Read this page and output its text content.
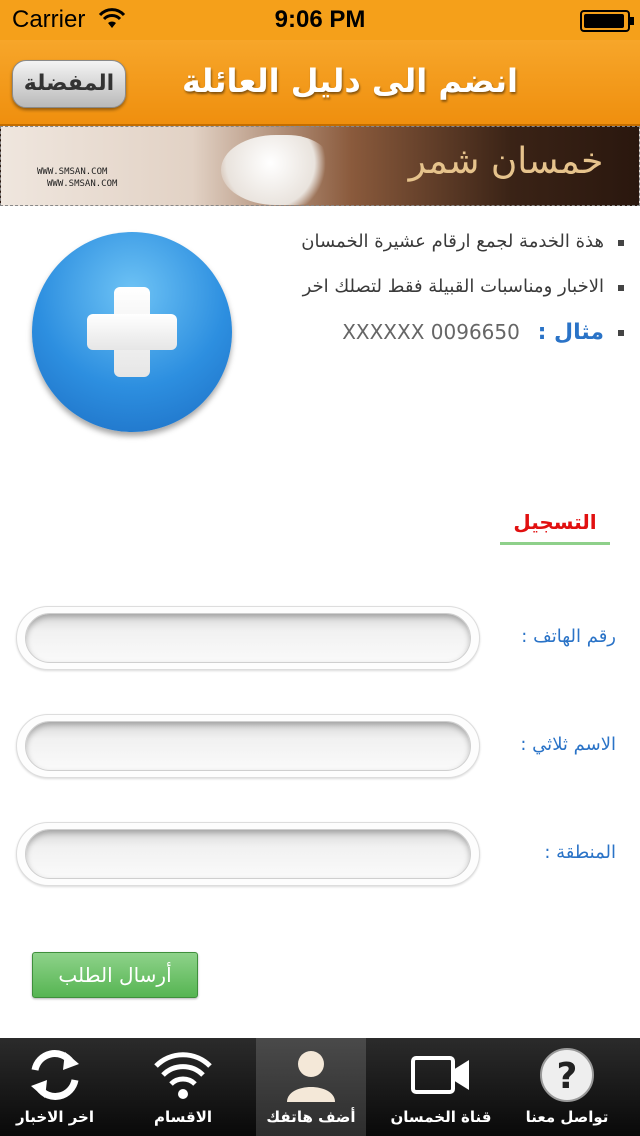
Carrier	9:06 PM
المفضلة	انضم الى دليل العائلة
WWW.SMSAN.COM
WWW.SMSAN.COM
خمسان شمر
هذة الخدمة لجمع ارقام عشيرة الخمسان
الاخبار ومناسبات القبيلة فقط لتصلك اخر
مثال : 0096650 XXXXXX
التسجيل
رقم الهاتف :
الاسم ثلاثي :
المنطقة :
أرسال الطلب
?
تواصل معنا
قناة الخمسان
أضف هاتفك
الاقسام
اخر الاخبار
